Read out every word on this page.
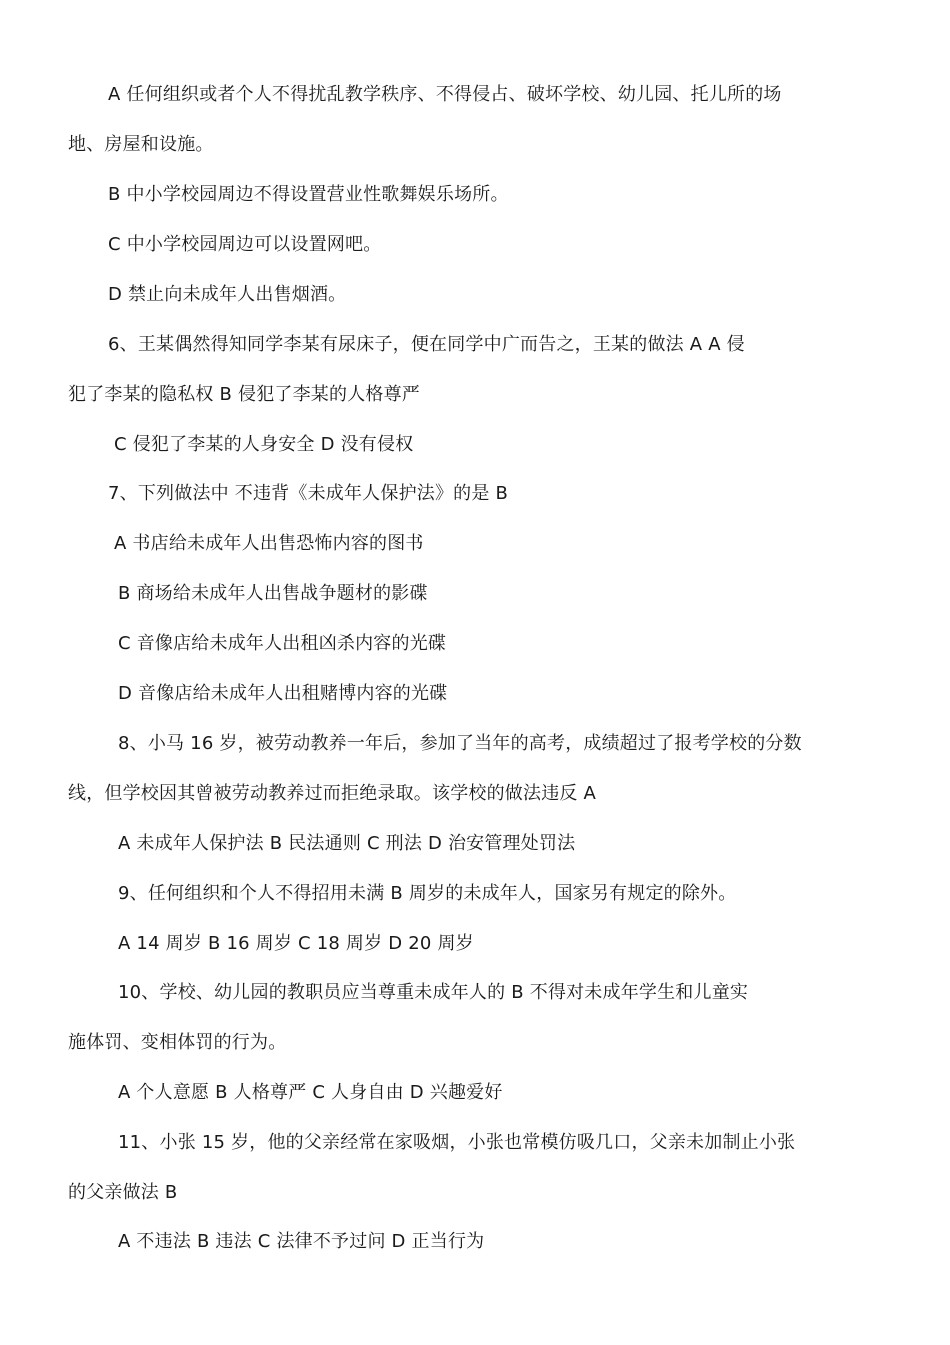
A 任何组织或者个人不得扰乱教学秩序、不得侵占、破坏学校、幼儿园、托儿所的场
地、房屋和设施。
B 中小学校园周边不得设置营业性歌舞娱乐场所。
C 中小学校园周边可以设置网吧。
D 禁止向未成年人出售烟酒。
6、王某偶然得知同学李某有尿床子，便在同学中广而告之，王某的做法 A A 侵
犯了李某的隐私权 B 侵犯了李某的人格尊严
C 侵犯了李某的人身安全 D 没有侵权
7、下列做法中 不违背《未成年人保护法》的是 B
A 书店给未成年人出售恐怖内容的图书
B 商场给未成年人出售战争题材的影碟
C 音像店给未成年人出租凶杀内容的光碟
D 音像店给未成年人出租赌博内容的光碟
8、小马 16 岁，被劳动教养一年后，参加了当年的高考，成绩超过了报考学校的分数
线，但学校因其曾被劳动教养过而拒绝录取。该学校的做法违反 A
A 未成年人保护法 B 民法通则 C 刑法 D 治安管理处罚法
9、任何组织和个人不得招用未满 B 周岁的未成年人，国家另有规定的除外。
A 14 周岁 B 16 周岁 C 18 周岁 D 20 周岁
10、学校、幼儿园的教职员应当尊重未成年人的 B 不得对未成年学生和儿童实
施体罚、变相体罚的行为。
A 个人意愿 B 人格尊严 C 人身自由 D 兴趣爱好
11、小张 15 岁，他的父亲经常在家吸烟，小张也常模仿吸几口，父亲未加制止小张
的父亲做法 B
A 不违法 B 违法 C 法律不予过问 D 正当行为
